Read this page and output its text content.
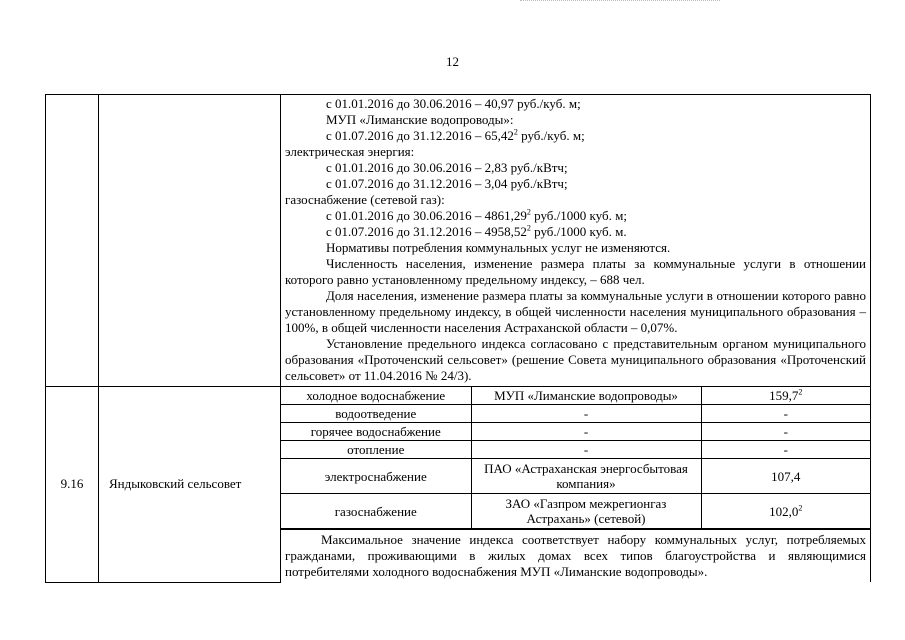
12

с 01.01.2016 до 30.06.2016 – 40,97 руб./куб. м;
МУП «Лиманские водопроводы»:
с 01.07.2016 до 31.12.2016 – 65,42$^2$ руб./куб. м;
электрическая энергия:
с 01.01.2016 до 30.06.2016 – 2,83 руб./кВтч;
с 01.07.2016 до 31.12.2016 – 3,04 руб./кВтч;
газоснабжение (сетевой газ):
с 01.01.2016 до 30.06.2016 – 4861,29$^2$ руб./1000 куб. м;
с 01.07.2016 до 31.12.2016 – 4958,52$^2$ руб./1000 куб. м.
Нормативы потребления коммунальных услуг не изменяются.
Численность населения, изменение размера платы за коммунальные услуги в отношении которого равно установленному предельному индексу, – 688 чел.
Доля населения, изменение размера платы за коммунальные услуги в отношении которого равно установленному предельному индексу, в общей численности населения муниципального образования – 100%, в общей численности населения Астраханской области – 0,07%.
Установление предельного индекса согласовано с представительным органом муниципального образования «Проточенский сельсовет» (решение Совета муниципального образования «Проточенский сельсовет» от 11.04.2016 № 24/3).

9.16	Яндыковский сельсовет	
холодное водоснабжение	МУП «Лиманские водопроводы»	159,7$^2$
водоотведение	-	-
горячее водоснабжение	-	-
отопление	-	-
электроснабжение	ПАО «Астраханская энергосбытовая компания»	107,4
газоснабжение	ЗАО «Газпром межрегионгаз Астрахань» (сетевой)	102,0$^2$

Максимальное значение индекса соответствует набору коммунальных услуг, потребляемых гражданами, проживающими в жилых домах всех типов благоустройства и являющимися потребителями холодного водоснабжения МУП «Лиманские водопроводы».
